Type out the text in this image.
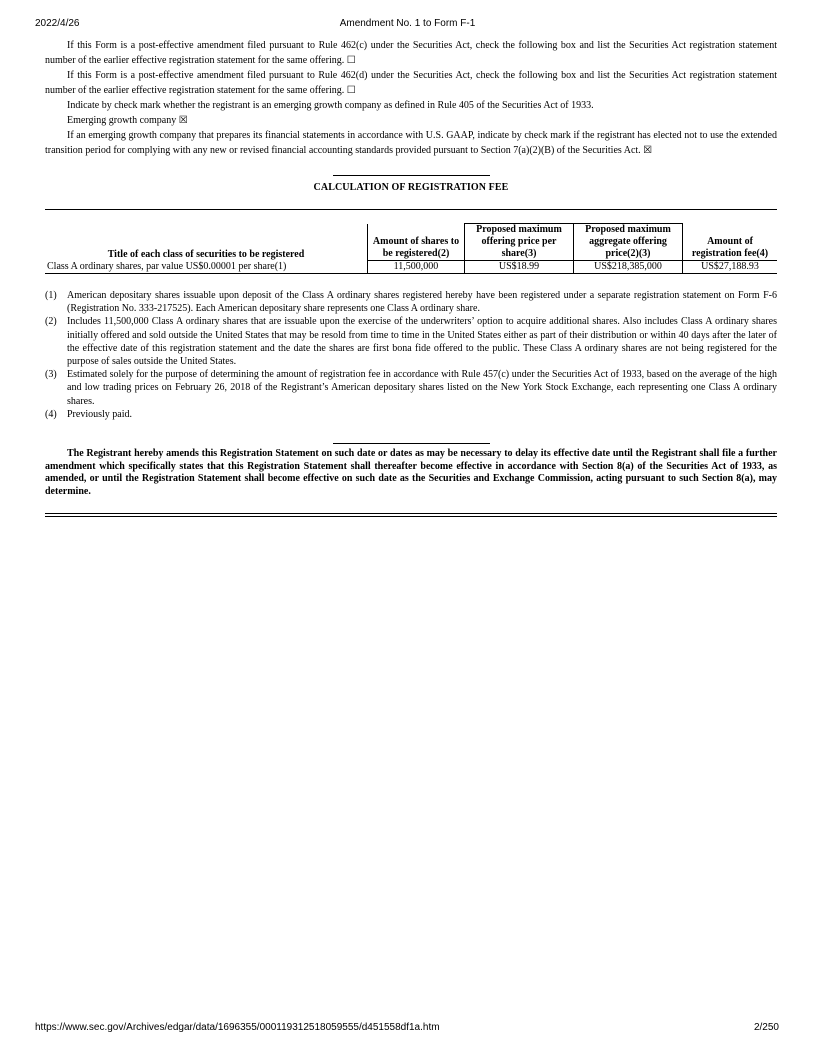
2022/4/26	Amendment No. 1 to Form F-1

If this Form is a post-effective amendment filed pursuant to Rule 462(c) under the Securities Act, check the following box and list the Securities Act registration statement number of the earlier effective registration statement for the same offering. ☐

If this Form is a post-effective amendment filed pursuant to Rule 462(d) under the Securities Act, check the following box and list the Securities Act registration statement number of the earlier effective registration statement for the same offering. ☐

Indicate by check mark whether the registrant is an emerging growth company as defined in Rule 405 of the Securities Act of 1933.

Emerging growth company ☒

If an emerging growth company that prepares its financial statements in accordance with U.S. GAAP, indicate by check mark if the registrant has elected not to use the extended transition period for complying with any new or revised financial accounting standards provided pursuant to Section 7(a)(2)(B) of the Securities Act. ☒

CALCULATION OF REGISTRATION FEE
Title of each class of securities to be registered	Amount of shares to be registered(2)	Proposed maximum offering price per share(3)	Proposed maximum aggregate offering price(2)(3)	Amount of registration fee(4)
Class A ordinary shares, par value US$0.00001 per share(1)	11,500,000	US$18.99	US$218,385,000	US$27,188.93
(1) American depositary shares issuable upon deposit of the Class A ordinary shares registered hereby have been registered under a separate registration statement on Form F-6 (Registration No. 333-217525). Each American depositary share represents one Class A ordinary share.
(2) Includes 11,500,000 Class A ordinary shares that are issuable upon the exercise of the underwriters’ option to acquire additional shares. Also includes Class A ordinary shares initially offered and sold outside the United States that may be resold from time to time in the United States either as part of their distribution or within 40 days after the later of the effective date of this registration statement and the date the shares are first bona fide offered to the public. These Class A ordinary shares are not being registered for the purpose of sales outside the United States.
(3) Estimated solely for the purpose of determining the amount of registration fee in accordance with Rule 457(c) under the Securities Act of 1933, based on the average of the high and low trading prices on February 26, 2018 of the Registrant’s American depositary shares listed on the New York Stock Exchange, each representing one Class A ordinary shares.
(4) Previously paid.

The Registrant hereby amends this Registration Statement on such date or dates as may be necessary to delay its effective date until the Registrant shall file a further amendment which specifically states that this Registration Statement shall thereafter become effective in accordance with Section 8(a) of the Securities Act of 1933, as amended, or until the Registration Statement shall become effective on such date as the Securities and Exchange Commission, acting pursuant to such Section 8(a), may determine.

https://www.sec.gov/Archives/edgar/data/1696355/000119312518059555/d451558df1a.htm	2/250
